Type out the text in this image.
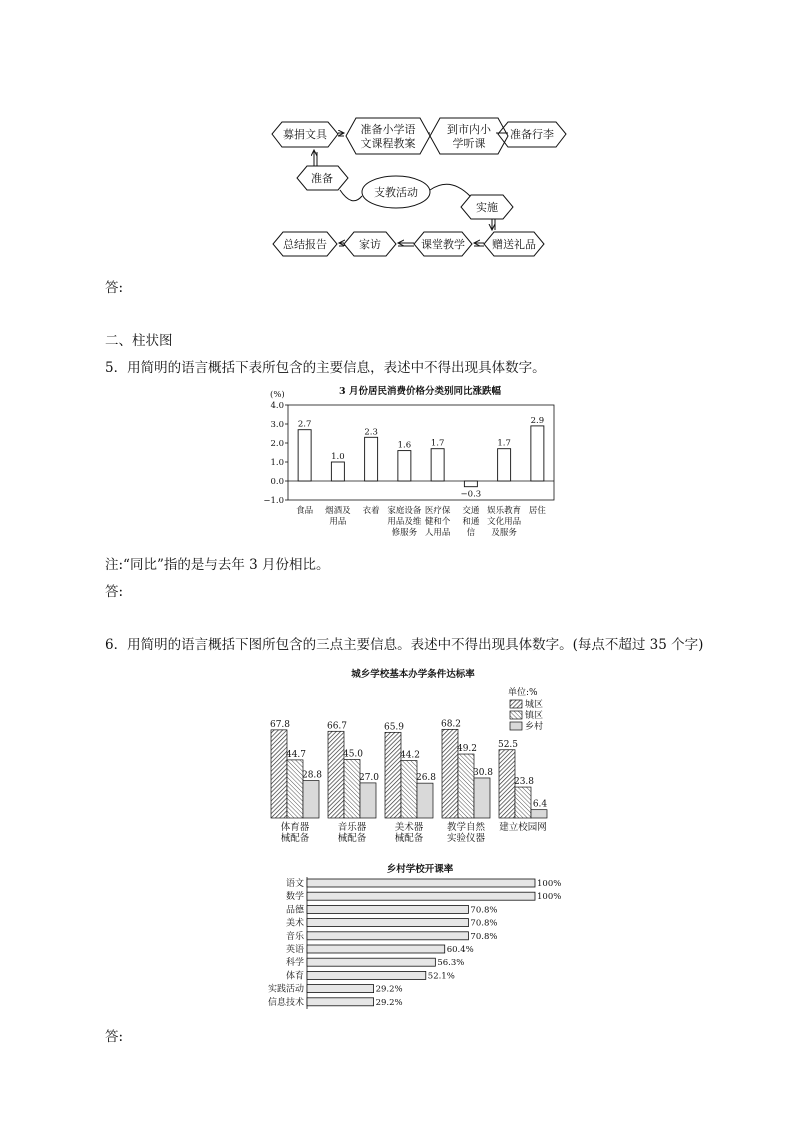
募捐文具	准备小学语
文课程教案
到市内小
学听课
准备行李
准备
支教活动
实施
赠送礼品
课堂教学
家访
总结报告
答:
二、柱状图
5．用简明的语言概括下表所包含的主要信息，表述中不得出现具体数字。
3 月份居民消费价格分类别同比涨跌幅
(%)
4.0
3.0
2.0
1.0
0.0
−1.0
2.7
食品
1.0
烟酒及
用品
2.3
衣着
1.6
家庭设备
用品及维
修服务
1.7
医疗保
健和个
人用品
−0.3
交通
和通
信
1.7
娱乐教育
文化用品
及服务
2.9
居住
注:“同比”指的是与去年 3 月份相比。
答:
6．用简明的语言概括下图所包含的三点主要信息。表述中不得出现具体数字。(每点不超过 35 个字)
城乡学校基本办学条件达标率
单位:%
城区
镇区
乡村
67.8
44.7
28.8
体育器
械配备
66.7
45.0
27.0
音乐器
械配备
65.9
44.2
26.8
美术器
械配备
68.2
49.2
30.8
教学自然
实验仪器
52.5
23.8
6.4
建立校园网
乡村学校开课率
语文	100%
数学	100%
品德	70.8%
美术	70.8%
音乐	70.8%
英语	60.4%
科学	56.3%
体育	52.1%
实践活动	29.2%
信息技术	29.2%
答:
